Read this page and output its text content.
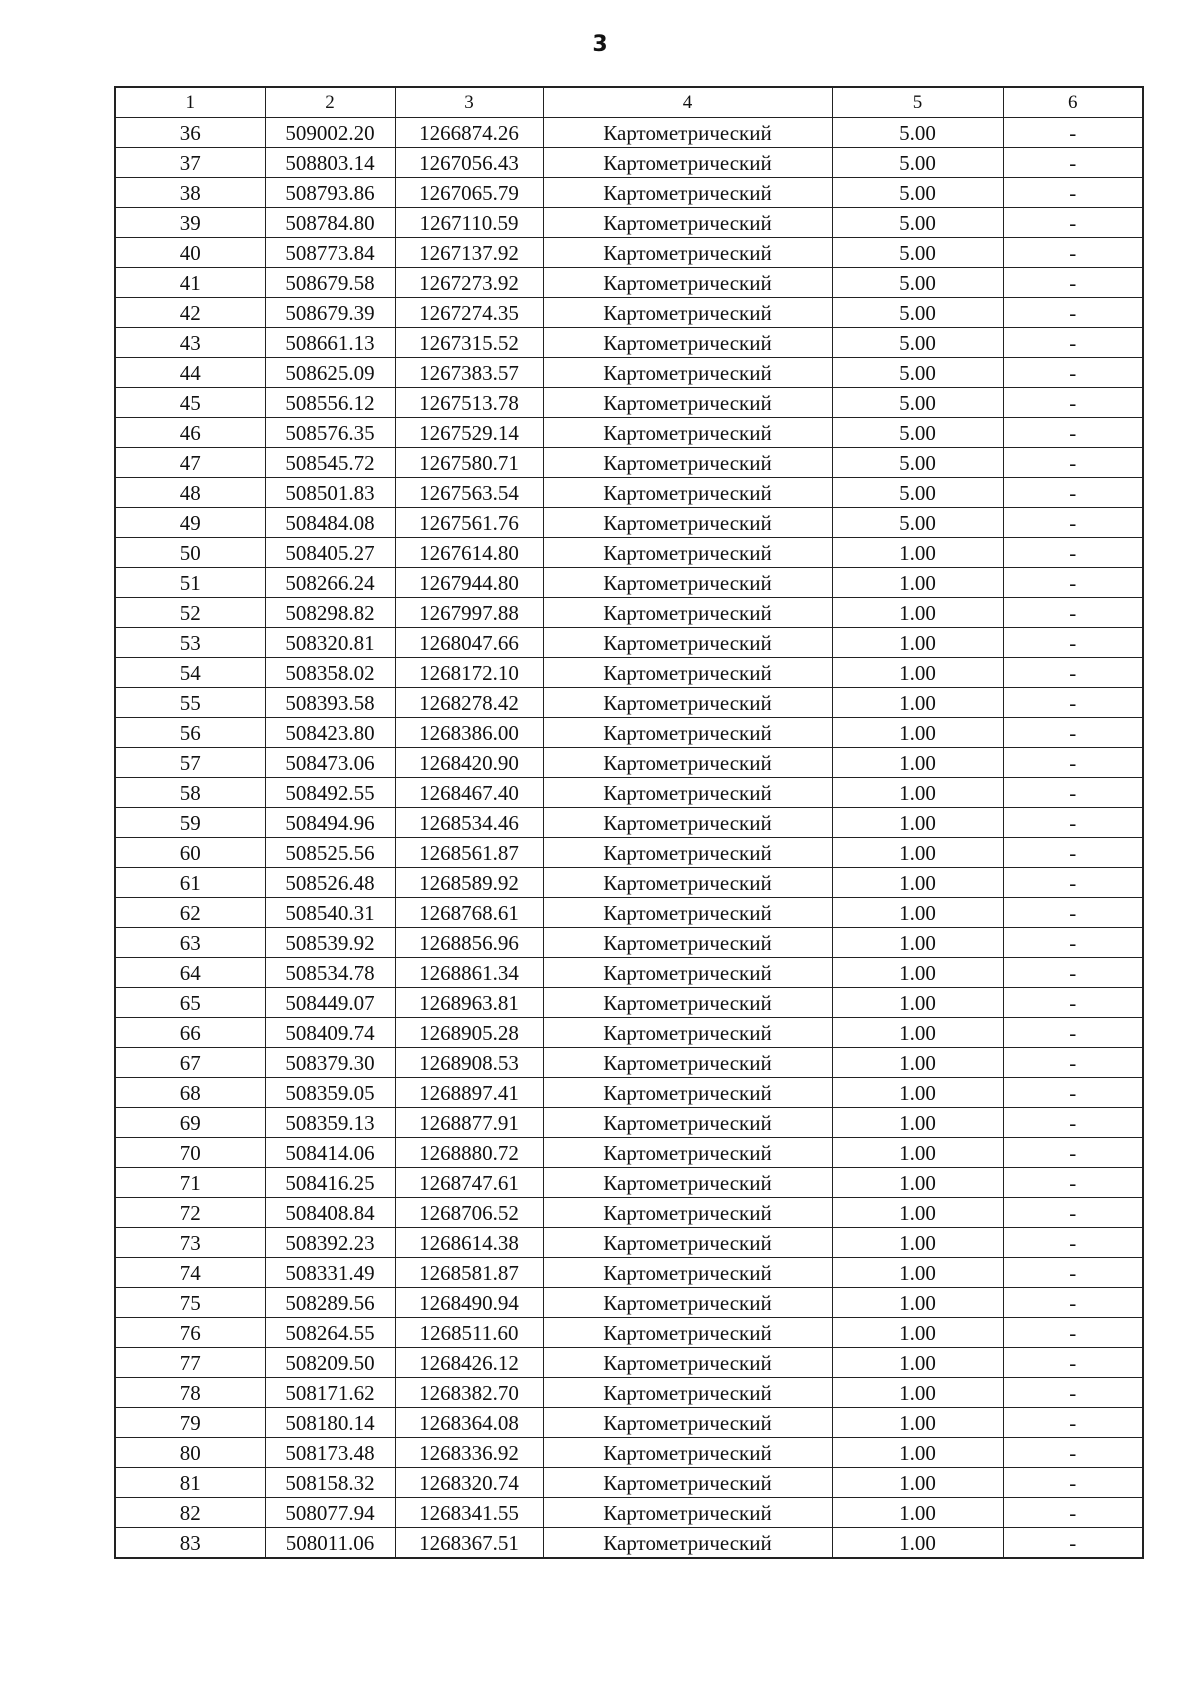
3
1	2	3	4	5	6
36	509002.20	1266874.26	Картометрический	5.00	-
37	508803.14	1267056.43	Картометрический	5.00	-
38	508793.86	1267065.79	Картометрический	5.00	-
39	508784.80	1267110.59	Картометрический	5.00	-
40	508773.84	1267137.92	Картометрический	5.00	-
41	508679.58	1267273.92	Картометрический	5.00	-
42	508679.39	1267274.35	Картометрический	5.00	-
43	508661.13	1267315.52	Картометрический	5.00	-
44	508625.09	1267383.57	Картометрический	5.00	-
45	508556.12	1267513.78	Картометрический	5.00	-
46	508576.35	1267529.14	Картометрический	5.00	-
47	508545.72	1267580.71	Картометрический	5.00	-
48	508501.83	1267563.54	Картометрический	5.00	-
49	508484.08	1267561.76	Картометрический	5.00	-
50	508405.27	1267614.80	Картометрический	1.00	-
51	508266.24	1267944.80	Картометрический	1.00	-
52	508298.82	1267997.88	Картометрический	1.00	-
53	508320.81	1268047.66	Картометрический	1.00	-
54	508358.02	1268172.10	Картометрический	1.00	-
55	508393.58	1268278.42	Картометрический	1.00	-
56	508423.80	1268386.00	Картометрический	1.00	-
57	508473.06	1268420.90	Картометрический	1.00	-
58	508492.55	1268467.40	Картометрический	1.00	-
59	508494.96	1268534.46	Картометрический	1.00	-
60	508525.56	1268561.87	Картометрический	1.00	-
61	508526.48	1268589.92	Картометрический	1.00	-
62	508540.31	1268768.61	Картометрический	1.00	-
63	508539.92	1268856.96	Картометрический	1.00	-
64	508534.78	1268861.34	Картометрический	1.00	-
65	508449.07	1268963.81	Картометрический	1.00	-
66	508409.74	1268905.28	Картометрический	1.00	-
67	508379.30	1268908.53	Картометрический	1.00	-
68	508359.05	1268897.41	Картометрический	1.00	-
69	508359.13	1268877.91	Картометрический	1.00	-
70	508414.06	1268880.72	Картометрический	1.00	-
71	508416.25	1268747.61	Картометрический	1.00	-
72	508408.84	1268706.52	Картометрический	1.00	-
73	508392.23	1268614.38	Картометрический	1.00	-
74	508331.49	1268581.87	Картометрический	1.00	-
75	508289.56	1268490.94	Картометрический	1.00	-
76	508264.55	1268511.60	Картометрический	1.00	-
77	508209.50	1268426.12	Картометрический	1.00	-
78	508171.62	1268382.70	Картометрический	1.00	-
79	508180.14	1268364.08	Картометрический	1.00	-
80	508173.48	1268336.92	Картометрический	1.00	-
81	508158.32	1268320.74	Картометрический	1.00	-
82	508077.94	1268341.55	Картометрический	1.00	-
83	508011.06	1268367.51	Картометрический	1.00	-
